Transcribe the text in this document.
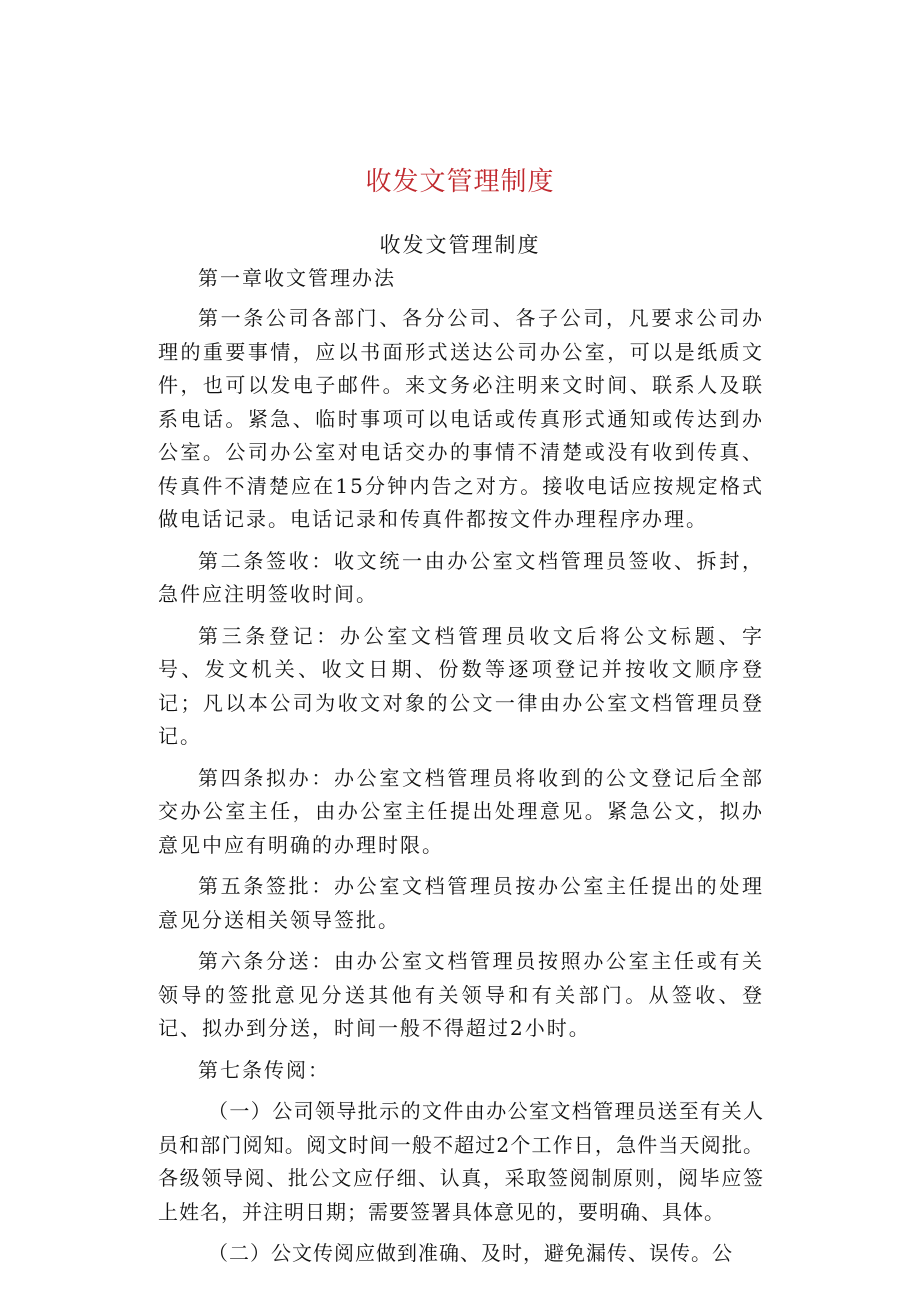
收发文管理制度
收发文管理制度

第一章收文管理办法

第一条公司各部门、各分公司、各子公司，凡要求公司办理的重要事情，应以书面形式送达公司办公室，可以是纸质文件，也可以发电子邮件。来文务必注明来文时间、联系人及联系电话。紧急、临时事项可以电话或传真形式通知或传达到办公室。公司办公室对电话交办的事情不清楚或没有收到传真、传真件不清楚应在15分钟内告之对方。接收电话应按规定格式做电话记录。电话记录和传真件都按文件办理程序办理。

第二条签收：收文统一由办公室文档管理员签收、拆封，急件应注明签收时间。

第三条登记：办公室文档管理员收文后将公文标题、字号、发文机关、收文日期、份数等逐项登记并按收文顺序登记；凡以本公司为收文对象的公文一律由办公室文档管理员登记。

第四条拟办：办公室文档管理员将收到的公文登记后全部交办公室主任，由办公室主任提出处理意见。紧急公文，拟办意见中应有明确的办理时限。

第五条签批：办公室文档管理员按办公室主任提出的处理意见分送相关领导签批。

第六条分送：由办公室文档管理员按照办公室主任或有关领导的签批意见分送其他有关领导和有关部门。从签收、登记、拟办到分送，时间一般不得超过2小时。

第七条传阅：

（一）公司领导批示的文件由办公室文档管理员送至有关人员和部门阅知。阅文时间一般不超过2个工作日，急件当天阅批。各级领导阅、批公文应仔细、认真，采取签阅制原则，阅毕应签上姓名，并注明日期；需要签署具体意见的，要明确、具体。

（二）公文传阅应做到准确、及时，避免漏传、误传。公
